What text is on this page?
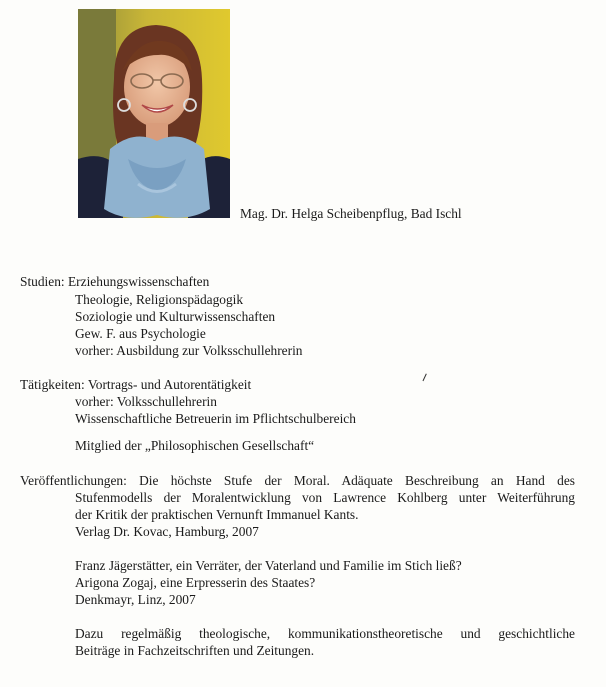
Mag. Dr. Helga Scheibenpflug, Bad Ischl
Studien: Erziehungswissenschaften
Theologie, Religionspädagogik
Soziologie und Kulturwissenschaften
Gew. F. aus Psychologie
vorher: Ausbildung zur Volksschullehrerin
Tätigkeiten: Vortrags- und Autorentätigkeit
vorher: Volksschullehrerin
Wissenschaftliche Betreuerin im Pflichtschulbereich
Mitglied der „Philosophischen Gesellschaft“
Veröffentlichungen: Die höchste Stufe der Moral. Adäquate Beschreibung an Hand des
Stufenmodells der Moralentwicklung von Lawrence Kohlberg unter Weiterführung
der Kritik der praktischen Vernunft Immanuel Kants.
Verlag Dr. Kovac, Hamburg, 2007
Franz Jägerstätter, ein Verräter, der Vaterland und Familie im Stich ließ?
Arigona Zogaj, eine Erpresserin des Staates?
Denkmayr, Linz, 2007
Dazu regelmäßig theologische, kommunikationstheoretische und geschichtliche
Beiträge in Fachzeitschriften und Zeitungen.
